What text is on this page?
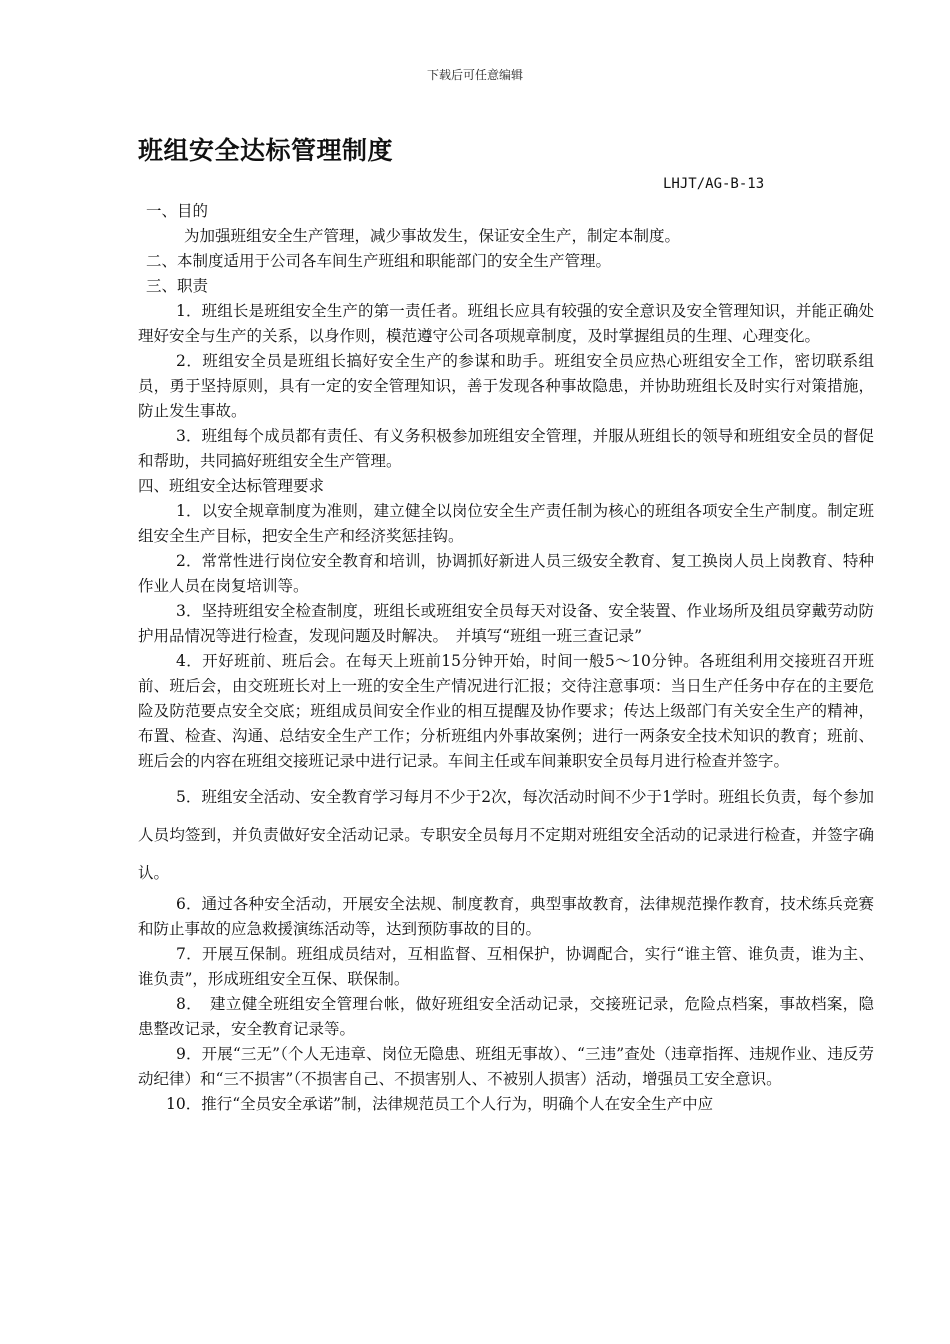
下载后可任意编辑
班组安全达标管理制度
LHJT/AG-B-13

一、目的

为加强班组安全生产管理，减少事故发生，保证安全生产，制定本制度。

二、本制度适用于公司各车间生产班组和职能部门的安全生产管理。

三、职责

1．班组长是班组安全生产的第一责任者。班组长应具有较强的安全意识及安全管理知识，并能正确处理好安全与生产的关系，以身作则，模范遵守公司各项规章制度，及时掌握组员的生理、心理变化。

2．班组安全员是班组长搞好安全生产的参谋和助手。班组安全员应热心班组安全工作，密切联系组员，勇于坚持原则，具有一定的安全管理知识，善于发现各种事故隐患，并协助班组长及时实行对策措施，防止发生事故。

3．班组每个成员都有责任、有义务积极参加班组安全管理，并服从班组长的领导和班组安全员的督促和帮助，共同搞好班组安全生产管理。

四、班组安全达标管理要求

1．以安全规章制度为准则，建立健全以岗位安全生产责任制为核心的班组各项安全生产制度。制定班组安全生产目标，把安全生产和经济奖惩挂钩。

2．常常性进行岗位安全教育和培训，协调抓好新进人员三级安全教育、复工换岗人员上岗教育、特种作业人员在岗复培训等。

3．坚持班组安全检查制度，班组长或班组安全员每天对设备、安全装置、作业场所及组员穿戴劳动防护用品情况等进行检查，发现问题及时解决。　并填写“班组一班三查记录”

4．开好班前、班后会。在每天上班前15分钟开始，时间一般5～10分钟。各班组利用交接班召开班前、班后会，由交班班长对上一班的安全生产情况进行汇报；交待注意事项：当日生产任务中存在的主要危险及防范要点安全交底；班组成员间安全作业的相互提醒及协作要求；传达上级部门有关安全生产的精神，布置、检查、沟通、总结安全生产工作；分析班组内外事故案例；进行一两条安全技术知识的教育；班前、班后会的内容在班组交接班记录中进行记录。车间主任或车间兼职安全员每月进行检查并签字。

5．班组安全活动、安全教育学习每月不少于2次，每次活动时间不少于1学时。班组长负责，每个参加人员均签到，并负责做好安全活动记录。专职安全员每月不定期对班组安全活动的记录进行检查，并签字确认。

6．通过各种安全活动，开展安全法规、制度教育，典型事故教育，法律规范操作教育，技术练兵竞赛和防止事故的应急救援演练活动等，达到预防事故的目的。

7．开展互保制。班组成员结对，互相监督、互相保护，协调配合，实行“谁主管、谁负责，谁为主、谁负责”，形成班组安全互保、联保制。

8．　建立健全班组安全管理台帐，做好班组安全活动记录，交接班记录，危险点档案，事故档案，隐患整改记录，安全教育记录等。

9．开展“三无”（个人无违章、岗位无隐患、班组无事故）、“三违”查处（违章指挥、违规作业、违反劳动纪律）和“三不损害”（不损害自己、不损害别人、不被别人损害）活动，增强员工安全意识。

10．推行“全员安全承诺”制，法律规范员工个人行为，明确个人在安全生产中应
